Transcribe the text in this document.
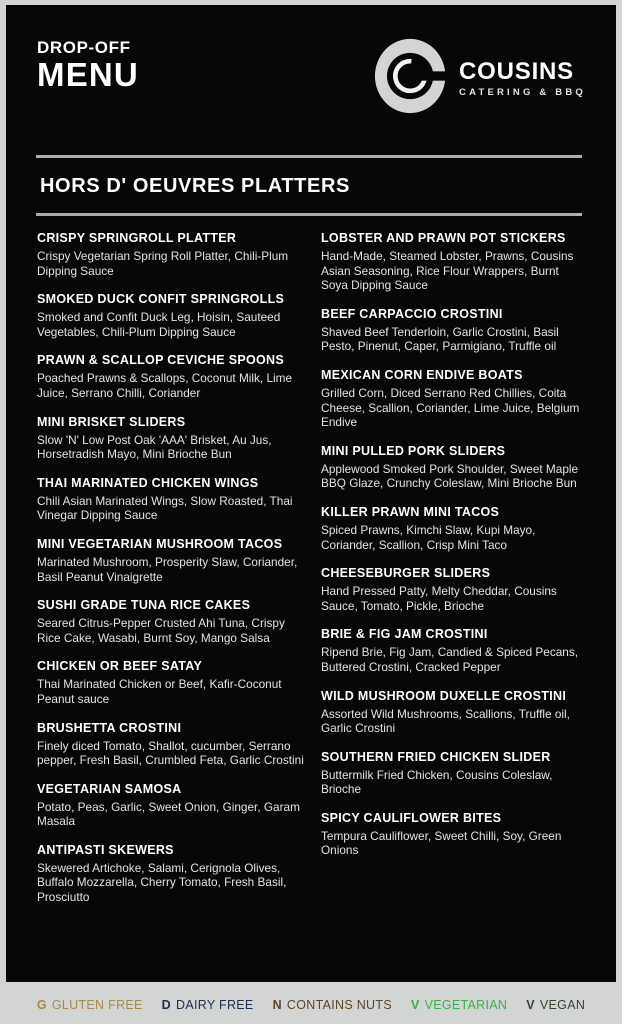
DROP-OFF
MENU	COUSINS
CATERING & BBQ
HORS D' OEUVRES PLATTERS
CRISPY SPRINGROLL PLATTER
Crispy Vegetarian Spring Roll Platter, Chili-Plum Dipping Sauce
SMOKED DUCK CONFIT SPRINGROLLS
Smoked and Confit Duck Leg, Hoisin, Sauteed Vegetables, Chili-Plum Dipping Sauce
PRAWN & SCALLOP CEVICHE SPOONS
Poached Prawns & Scallops, Coconut Milk, Lime Juice, Serrano Chilli, Coriander
MINI BRISKET SLIDERS
Slow 'N' Low Post Oak 'AAA' Brisket, Au Jus, Horsetradish Mayo, Mini Brioche Bun
THAI MARINATED CHICKEN WINGS
Chili Asian Marinated Wings, Slow Roasted, Thai Vinegar Dipping Sauce
MINI VEGETARIAN MUSHROOM TACOS
Marinated Mushroom, Prosperity Slaw, Coriander, Basil Peanut Vinaigrette
SUSHI GRADE TUNA RICE CAKES
Seared Citrus-Pepper Crusted Ahi Tuna, Crispy Rice Cake, Wasabi, Burnt Soy, Mango Salsa
CHICKEN OR BEEF SATAY
Thai Marinated Chicken or Beef, Kafir-Coconut Peanut sauce
BRUSHETTA CROSTINI
Finely diced Tomato, Shallot, cucumber, Serrano pepper, Fresh Basil, Crumbled Feta, Garlic Crostini
VEGETARIAN SAMOSA
Potato, Peas, Garlic, Sweet Onion, Ginger, Garam Masala
ANTIPASTI SKEWERS
Skewered Artichoke, Salami, Cerignola Olives, Buffalo Mozzarella, Cherry Tomato, Fresh Basil, Prosciutto
LOBSTER AND PRAWN POT STICKERS
Hand-Made, Steamed Lobster, Prawns, Cousins Asian Seasoning, Rice Flour Wrappers, Burnt Soya Dipping Sauce
BEEF CARPACCIO CROSTINI
Shaved Beef Tenderloin, Garlic Crostini, Basil Pesto, Pinenut, Caper, Parmigiano, Truffle oil
MEXICAN CORN ENDIVE BOATS
Grilled Corn, Diced Serrano Red Chillies, Coita Cheese, Scallion, Coriander, Lime Juice, Belgium Endive
MINI PULLED PORK SLIDERS
Applewood Smoked Pork Shoulder, Sweet Maple BBQ Glaze, Crunchy Coleslaw, Mini Brioche Bun
KILLER PRAWN MINI TACOS
Spiced Prawns, Kimchi Slaw, Kupi Mayo, Coriander, Scallion, Crisp Mini Taco
CHEESEBURGER SLIDERS
Hand Pressed Patty, Melty Cheddar, Cousins Sauce, Tomato, Pickle, Brioche
BRIE & FIG JAM CROSTINI
Ripend Brie, Fig Jam, Candied & Spiced Pecans, Buttered Crostini, Cracked Pepper
WILD MUSHROOM DUXELLE CROSTINI
Assorted Wild Mushrooms, Scallions, Truffle oil, Garlic Crostini
SOUTHERN FRIED CHICKEN SLIDER
Buttermilk Fried Chicken, Cousins Coleslaw, Brioche
SPICY CAULIFLOWER BITES
Tempura Cauliflower, Sweet Chilli, Soy, Green Onions
G GLUTEN FREE D DAIRY FREE N CONTAINS NUTS V VEGETARIAN V VEGAN
